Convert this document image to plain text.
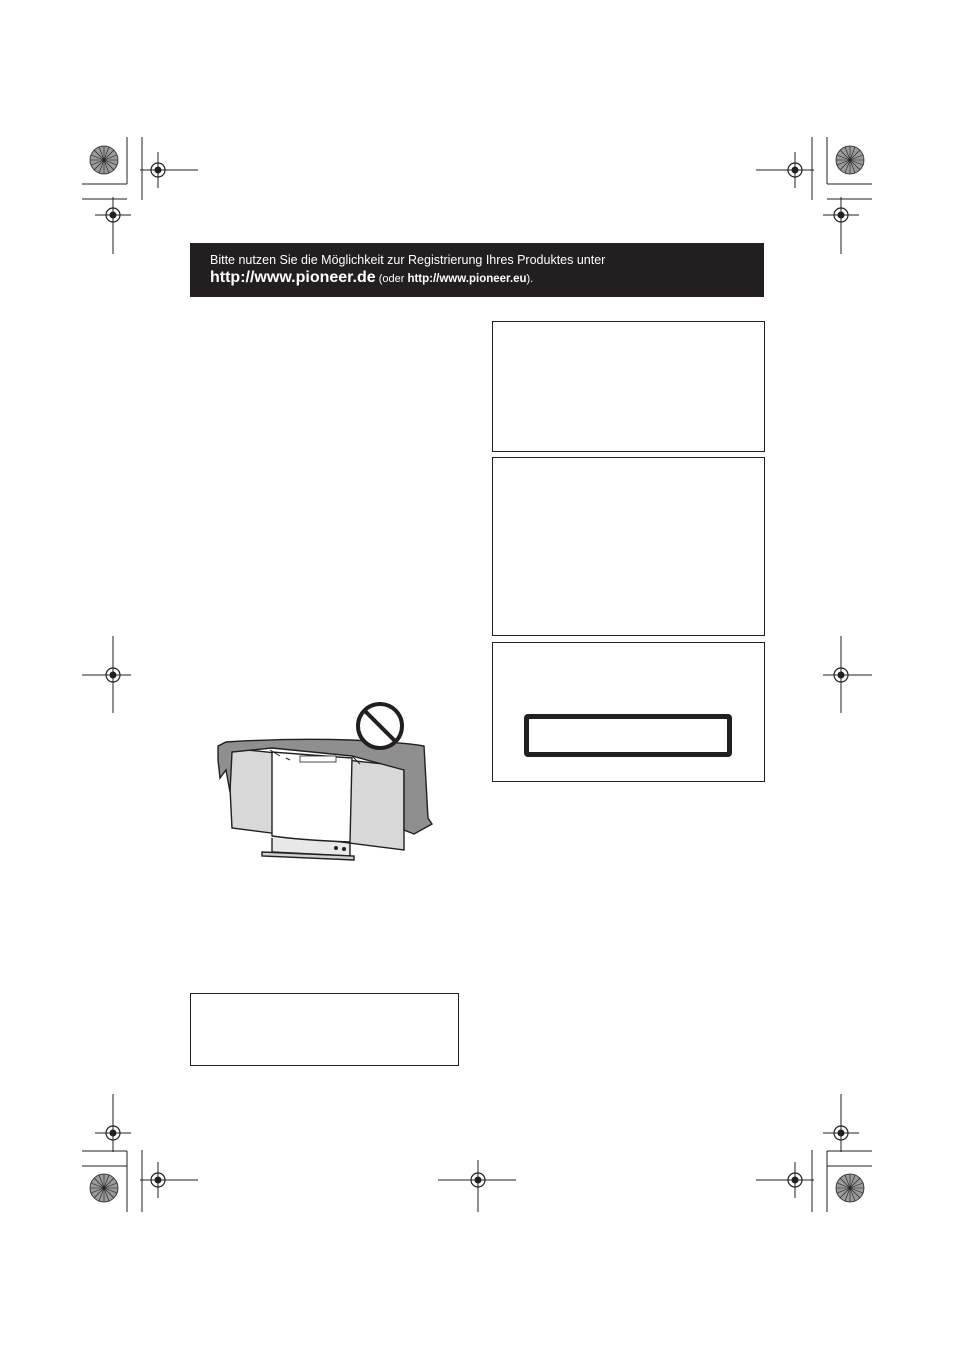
Bitte nutzen Sie die Möglichkeit zur Registrierung Ihres Produktes unter
http://www.pioneer.de (oder http://www.pioneer.eu).
